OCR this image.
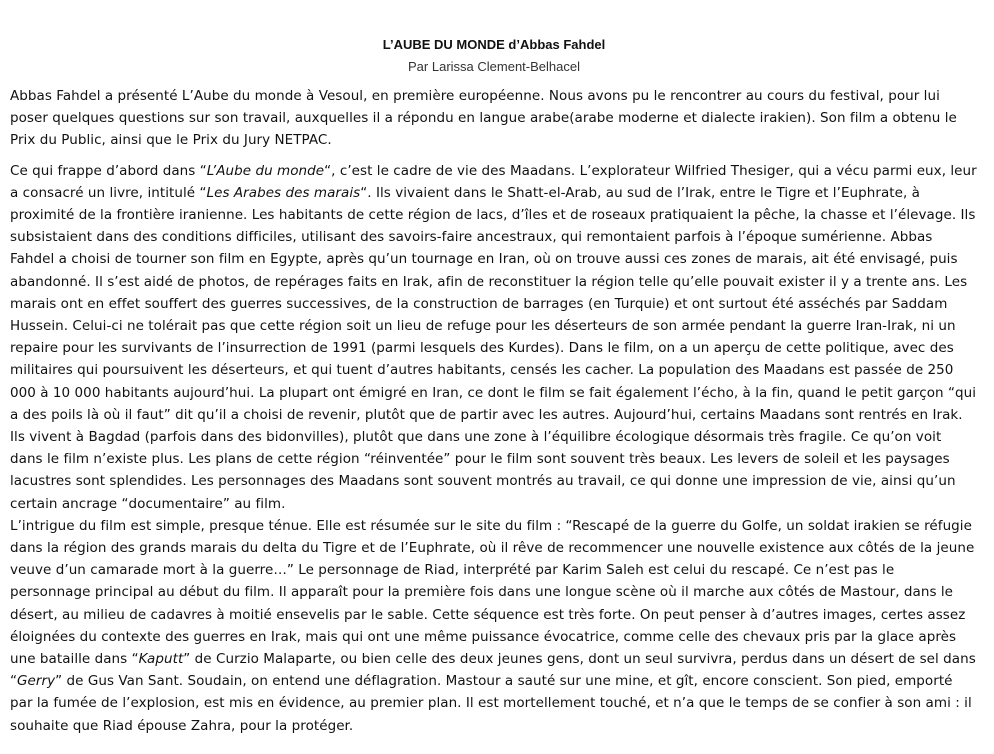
L’AUBE DU MONDE d’Abbas Fahdel

Par Larissa Clement-Belhacel

Abbas Fahdel a présenté L’Aube du monde à Vesoul, en première européenne. Nous avons pu le rencontrer au cours du festival, pour lui poser quelques questions sur son travail, auxquelles il a répondu en langue arabe(arabe moderne et dialecte irakien). Son film a obtenu le Prix du Public, ainsi que le Prix du Jury NETPAC.

Ce qui frappe d’abord dans “L’Aube du monde“, c’est le cadre de vie des Maadans. L’explorateur Wilfried Thesiger, qui a vécu parmi eux, leur a consacré un livre, intitulé “Les Arabes des marais“. Ils vivaient dans le Shatt-el-Arab, au sud de l’Irak, entre le Tigre et l’Euphrate, à proximité de la frontière iranienne. Les habitants de cette région de lacs, d’îles et de roseaux pratiquaient la pêche, la chasse et l’élevage. Ils subsistaient dans des conditions difficiles, utilisant des savoirs-faire ancestraux, qui remontaient parfois à l’époque sumérienne. Abbas Fahdel a choisi de tourner son film en Egypte, après qu’un tournage en Iran, où on trouve aussi ces zones de marais, ait été envisagé, puis abandonné. Il s’est aidé de photos, de repérages faits en Irak, afin de reconstituer la région telle qu’elle pouvait exister il y a trente ans. Les marais ont en effet souffert des guerres successives, de la construction de barrages (en Turquie) et ont surtout été asséchés par Saddam Hussein. Celui-ci ne tolérait pas que cette région soit un lieu de refuge pour les déserteurs de son armée pendant la guerre Iran-Irak, ni un repaire pour les survivants de l’insurrection de 1991 (parmi lesquels des Kurdes). Dans le film, on a un aperçu de cette politique, avec des militaires qui poursuivent les déserteurs, et qui tuent d’autres habitants, censés les cacher. La population des Maadans est passée de 250 000 à 10 000 habitants aujourd’hui. La plupart ont émigré en Iran, ce dont le film se fait également l’écho, à la fin, quand le petit garçon “qui a des poils là où il faut” dit qu’il a choisi de revenir, plutôt que de partir avec les autres. Aujourd’hui, certains Maadans sont rentrés en Irak. Ils vivent à Bagdad (parfois dans des bidonvilles), plutôt que dans une zone à l’équilibre écologique désormais très fragile. Ce qu’on voit dans le film n’existe plus. Les plans de cette région “réinventée” pour le film sont souvent très beaux. Les levers de soleil et les paysages lacustres sont splendides. Les personnages des Maadans sont souvent montrés au travail, ce qui donne une impression de vie, ainsi qu’un certain ancrage “documentaire” au film.

L’intrigue du film est simple, presque ténue. Elle est résumée sur le site du film : “Rescapé de la guerre du Golfe, un soldat irakien se réfugie dans la région des grands marais du delta du Tigre et de l’Euphrate, où il rêve de recommencer une nouvelle existence aux côtés de la jeune veuve d’un camarade mort à la guerre…” Le personnage de Riad, interprété par Karim Saleh est celui du rescapé. Ce n’est pas le personnage principal au début du film. Il apparaît pour la première fois dans une longue scène où il marche aux côtés de Mastour, dans le désert, au milieu de cadavres à moitié ensevelis par le sable. Cette séquence est très forte. On peut penser à d’autres images, certes assez éloignées du contexte des guerres en Irak, mais qui ont une même puissance évocatrice, comme celle des chevaux pris par la glace après une bataille dans “Kaputt” de Curzio Malaparte, ou bien celle des deux jeunes gens, dont un seul survivra, perdus dans un désert de sel dans “Gerry” de Gus Van Sant. Soudain, on entend une déflagration. Mastour a sauté sur une mine, et gît, encore conscient. Son pied, emporté par la fumée de l’explosion, est mis en évidence, au premier plan. Il est mortellement touché, et n’a que le temps de se confier à son ami : il souhaite que Riad épouse Zahra, pour la protéger.
